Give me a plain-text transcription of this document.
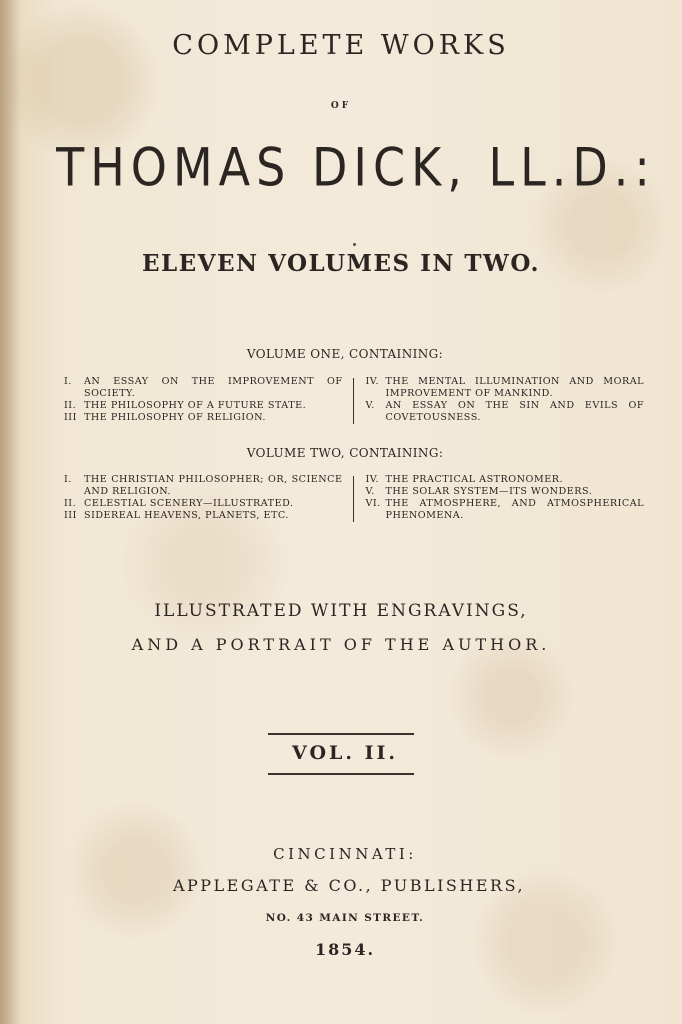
COMPLETE WORKS
OF
THOMAS DICK, LL.D.:
ELEVEN VOLUMES IN TWO.
VOLUME ONE, CONTAINING:

I. AN ESSAY ON THE IMPROVEMENT OF SOCIETY.

II. THE PHILOSOPHY OF A FUTURE STATE.

III THE PHILOSOPHY OF RELIGION.

IV. THE MENTAL ILLUMINATION AND MORAL IMPROVEMENT OF MANKIND.

V. AN ESSAY ON THE SIN AND EVILS OF COVETOUSNESS.

VOLUME TWO, CONTAINING:

I. THE CHRISTIAN PHILOSOPHER; OR, SCIENCE AND RELIGION.

II. CELESTIAL SCENERY—ILLUSTRATED.

III SIDEREAL HEAVENS, PLANETS, ETC.

IV. THE PRACTICAL ASTRONOMER.

V. THE SOLAR SYSTEM—ITS WONDERS.

VI. THE ATMOSPHERE, AND ATMOSPHERICAL PHENOMENA.

ILLUSTRATED WITH ENGRAVINGS,
AND A PORTRAIT OF THE AUTHOR.
VOL. II.
CINCINNATI:
APPLEGATE & CO., PUBLISHERS,
NO. 43 MAIN STREET.
1854.
